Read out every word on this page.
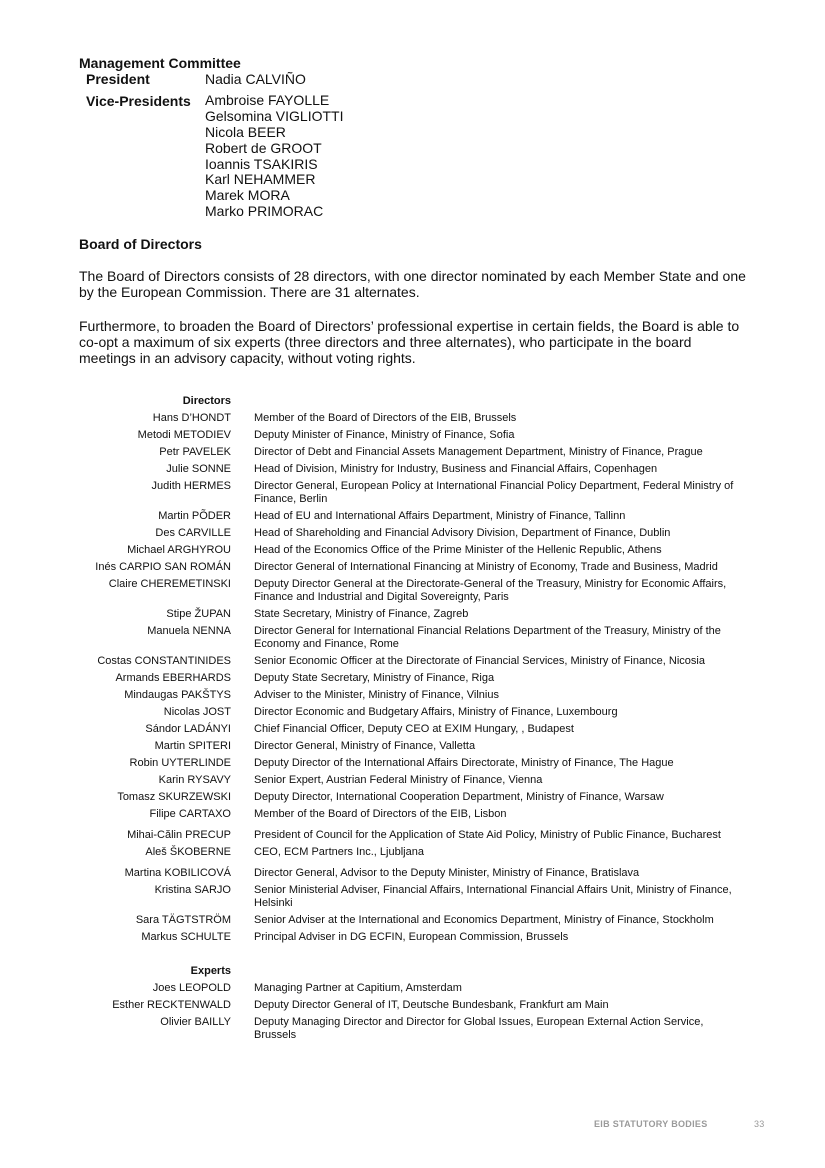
Management Committee
President	Nadia CALVIÑO
Vice-Presidents Ambroise FAYOLLE
Gelsomina VIGLIOTTI
Nicola BEER
Robert de GROOT
Ioannis TSAKIRIS
Karl NEHAMMER
Marek MORA
Marko PRIMORAC
Board of Directors
The Board of Directors consists of 28 directors, with one director nominated by each Member State and one by the European Commission. There are 31 alternates.
Furthermore, to broaden the Board of Directors’ professional expertise in certain fields, the Board is able to co-opt a maximum of six experts (three directors and three alternates), who participate in the board meetings in an advisory capacity, without voting rights.
Directors
Hans D’HONDT Member of the Board of Directors of the EIB, Brussels
Metodi METODIEV Deputy Minister of Finance, Ministry of Finance, Sofia
Petr PAVELEK Director of Debt and Financial Assets Management Department, Ministry of Finance, Prague
Julie SONNE Head of Division, Ministry for Industry, Business and Financial Affairs, Copenhagen
Judith HERMES Director General, European Policy at International Financial Policy Department, Federal Ministry of Finance, Berlin
Martin PÕDER Head of EU and International Affairs Department, Ministry of Finance, Tallinn
Des CARVILLE Head of Shareholding and Financial Advisory Division, Department of Finance, Dublin
Michael ARGHYROU Head of the Economics Office of the Prime Minister of the Hellenic Republic, Athens
Inés CARPIO SAN ROMÁN Director General of International Financing at Ministry of Economy, Trade and Business, Madrid
Claire CHEREMETINSKI Deputy Director General at the Directorate-General of the Treasury, Ministry for Economic Affairs, Finance and Industrial and Digital Sovereignty, Paris
Stipe ŽUPAN State Secretary, Ministry of Finance, Zagreb
Manuela NENNA Director General for International Financial Relations Department of the Treasury, Ministry of the Economy and Finance, Rome
Costas CONSTANTINIDES Senior Economic Officer at the Directorate of Financial Services, Ministry of Finance, Nicosia
Armands EBERHARDS Deputy State Secretary, Ministry of Finance, Riga
Mindaugas PAKŠTYS Adviser to the Minister, Ministry of Finance, Vilnius
Nicolas JOST Director Economic and Budgetary Affairs, Ministry of Finance, Luxembourg
Sándor LADÁNYI Chief Financial Officer, Deputy CEO at EXIM Hungary, , Budapest
Martin SPITERI Director General, Ministry of Finance, Valletta
Robin UYTERLINDE Deputy Director of the International Affairs Directorate, Ministry of Finance, The Hague
Karin RYSAVY Senior Expert, Austrian Federal Ministry of Finance, Vienna
Tomasz SKURZEWSKI Deputy Director, International Cooperation Department, Ministry of Finance, Warsaw
Filipe CARTAXO Member of the Board of Directors of the EIB, Lisbon
Mihai-Călin PRECUP President of Council for the Application of State Aid Policy, Ministry of Public Finance, Bucharest
Aleš ŠKOBERNE CEO, ECM Partners Inc., Ljubljana
Martina KOBILICOVÁ Director General, Advisor to the Deputy Minister, Ministry of Finance, Bratislava
Kristina SARJO Senior Ministerial Adviser, Financial Affairs, International Financial Affairs Unit, Ministry of Finance, Helsinki
Sara TÄGTSTRÖM Senior Adviser at the International and Economics Department, Ministry of Finance, Stockholm
Markus SCHULTE Principal Adviser in DG ECFIN, European Commission, Brussels
Experts
Joes LEOPOLD Managing Partner at Capitium, Amsterdam
Esther RECKTENWALD Deputy Director General of IT, Deutsche Bundesbank, Frankfurt am Main
Olivier BAILLY Deputy Managing Director and Director for Global Issues, European External Action Service, Brussels
EIB STATUTORY BODIES	33
